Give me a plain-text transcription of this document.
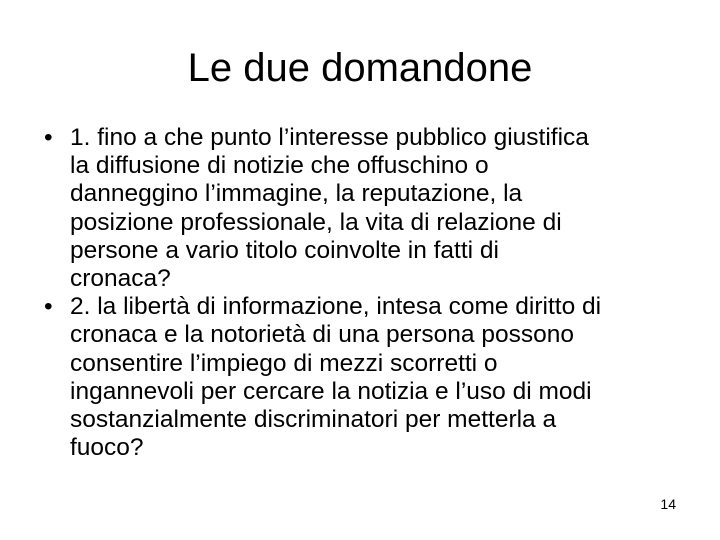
Le due domandone
• 1. fino a che punto l’interesse pubblico giustifica
la diffusione di notizie che offuschino o
danneggino l’immagine, la reputazione, la
posizione professionale, la vita di relazione di
persone a vario titolo coinvolte in fatti di
cronaca?
• 2. la libertà di informazione, intesa come diritto di
cronaca e la notorietà di una persona possono
consentire l’impiego di mezzi scorretti o
ingannevoli per cercare la notizia e l’uso di modi
sostanzialmente discriminatori per metterla a
fuoco?
14
